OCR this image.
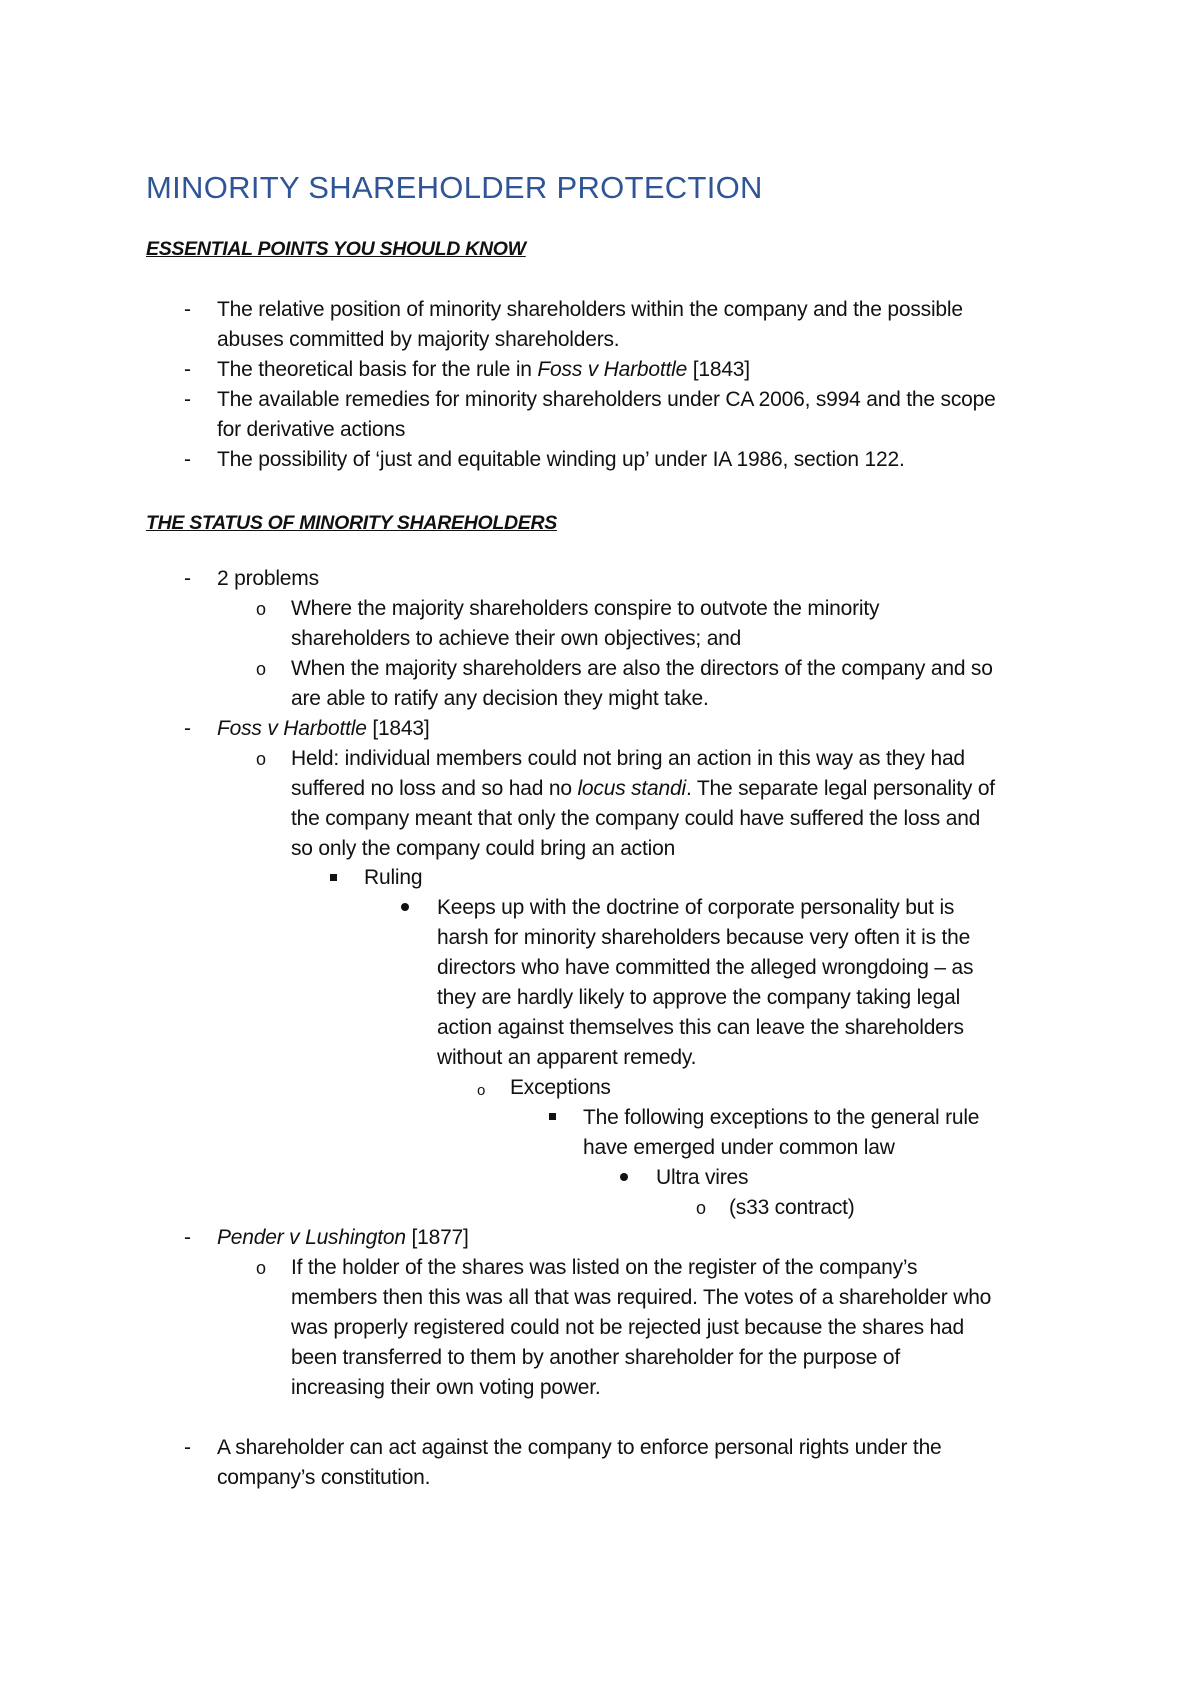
MINORITY SHAREHOLDER PROTECTION
ESSENTIAL POINTS YOU SHOULD KNOW
- The relative position of minority shareholders within the company and the possible
abuses committed by majority shareholders.
- The theoretical basis for the rule in Foss v Harbottle [1843]
- The available remedies for minority shareholders under CA 2006, s994 and the scope
for derivative actions
- The possibility of ‘just and equitable winding up’ under IA 1986, section 122.
THE STATUS OF MINORITY SHAREHOLDERS
- 2 problems
o Where the majority shareholders conspire to outvote the minority
shareholders to achieve their own objectives; and
o When the majority shareholders are also the directors of the company and so
are able to ratify any decision they might take.
- Foss v Harbottle [1843]
o Held: individual members could not bring an action in this way as they had
suffered no loss and so had no locus standi. The separate legal personality of
the company meant that only the company could have suffered the loss and
so only the company could bring an action
Ruling
Keeps up with the doctrine of corporate personality but is
harsh for minority shareholders because very often it is the
directors who have committed the alleged wrongdoing – as
they are hardly likely to approve the company taking legal
action against themselves this can leave the shareholders
without an apparent remedy.
o Exceptions
The following exceptions to the general rule
have emerged under common law
Ultra vires
o (s33 contract)
- Pender v Lushington [1877]
o If the holder of the shares was listed on the register of the company’s
members then this was all that was required. The votes of a shareholder who
was properly registered could not be rejected just because the shares had
been transferred to them by another shareholder for the purpose of
increasing their own voting power.
- A shareholder can act against the company to enforce personal rights under the
company’s constitution.
